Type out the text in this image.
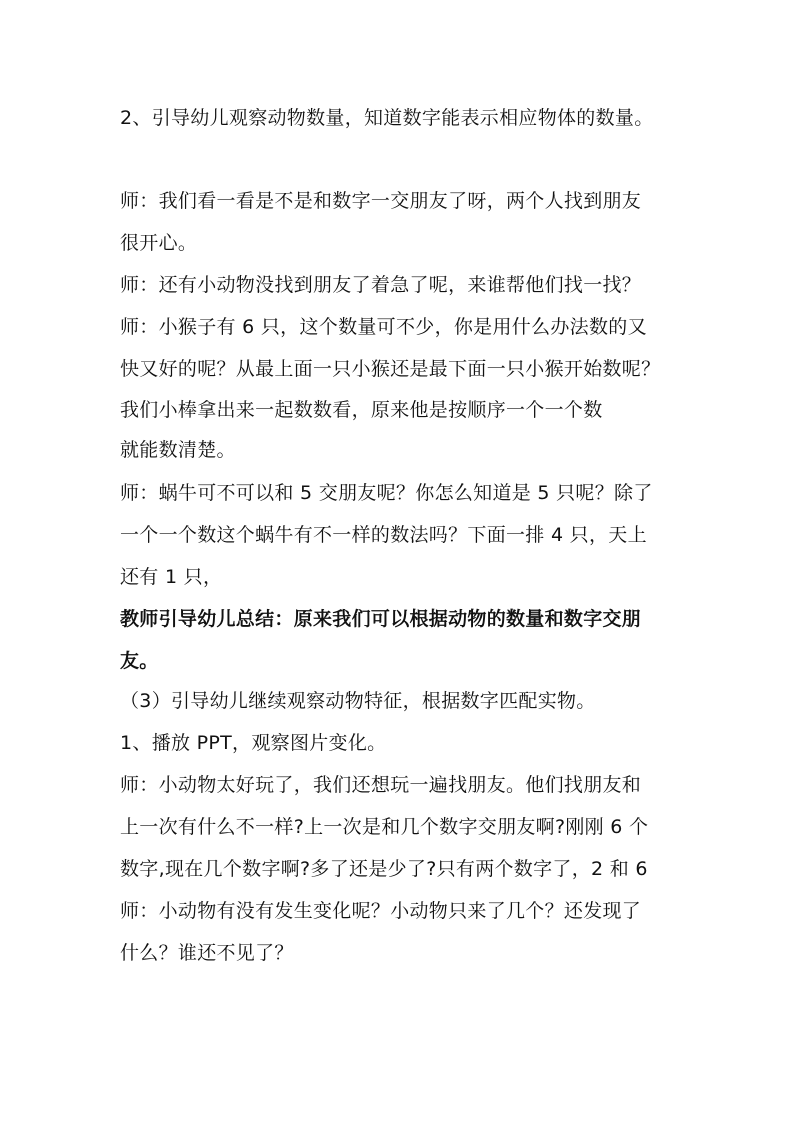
2、引导幼儿观察动物数量，知道数字能表示相应物体的数量。
师：我们看一看是不是和数字一交朋友了呀，两个人找到朋友
很开心。
师：还有小动物没找到朋友了着急了呢，来谁帮他们找一找？
师：小猴子有 6 只，这个数量可不少，你是用什么办法数的又
快又好的呢？从最上面一只小猴还是最下面一只小猴开始数呢？
我们小棒拿出来一起数数看，原来他是按顺序一个一个数
就能数清楚。
师：蜗牛可不可以和 5 交朋友呢？你怎么知道是 5 只呢？除了
一个一个数这个蜗牛有不一样的数法吗？下面一排 4 只，天上
还有 1 只，
教师引导幼儿总结：原来我们可以根据动物的数量和数字交朋
友。
（3）引导幼儿继续观察动物特征，根据数字匹配实物。
1、播放 PPT，观察图片变化。
师：小动物太好玩了，我们还想玩一遍找朋友。他们找朋友和
上一次有什么不一样?上一次是和几个数字交朋友啊?刚刚 6 个
数字,现在几个数字啊?多了还是少了?只有两个数字了，2 和 6
师：小动物有没有发生变化呢？小动物只来了几个？还发现了
什么？谁还不见了？
